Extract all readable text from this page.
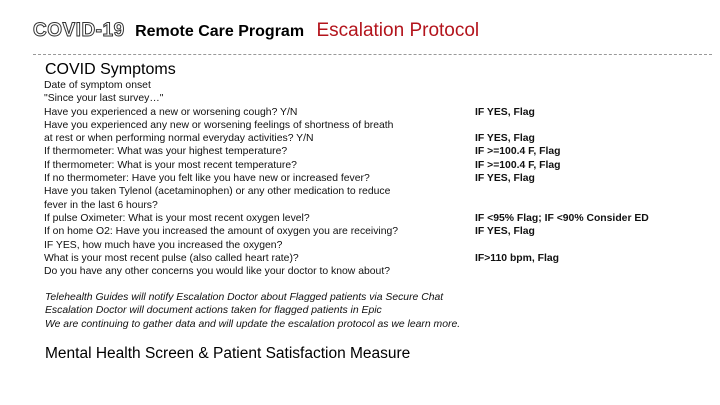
COVID-19 Remote Care Program Escalation Protocol
COVID Symptoms
Date of symptom onset
"Since your last survey…"
Have you experienced a new or worsening cough? Y/N	IF YES, Flag
Have you experienced any new or worsening feelings of shortness of breath
at rest or when performing normal everyday activities? Y/N	IF YES, Flag
If thermometer: What was your highest temperature?	IF >=100.4 F, Flag
If thermometer: What is your most recent temperature?	IF >=100.4 F, Flag
If no thermometer: Have you felt like you have new or increased fever?	IF YES, Flag
Have you taken Tylenol (acetaminophen) or any other medication to reduce
fever in the last 6 hours?
If pulse Oximeter: What is your most recent oxygen level?	IF <95% Flag; IF <90% Consider ED
If on home O2: Have you increased the amount of oxygen you are receiving?	IF YES, Flag
IF YES, how much have you increased the oxygen?
What is your most recent pulse (also called heart rate)?	IF>110 bpm, Flag
Do you have any other concerns you would like your doctor to know about?
Telehealth Guides will notify Escalation Doctor about Flagged patients via Secure Chat
Escalation Doctor will document actions taken for flagged patients in Epic
We are continuing to gather data and will update the escalation protocol as we learn more.
Mental Health Screen & Patient Satisfaction Measure
